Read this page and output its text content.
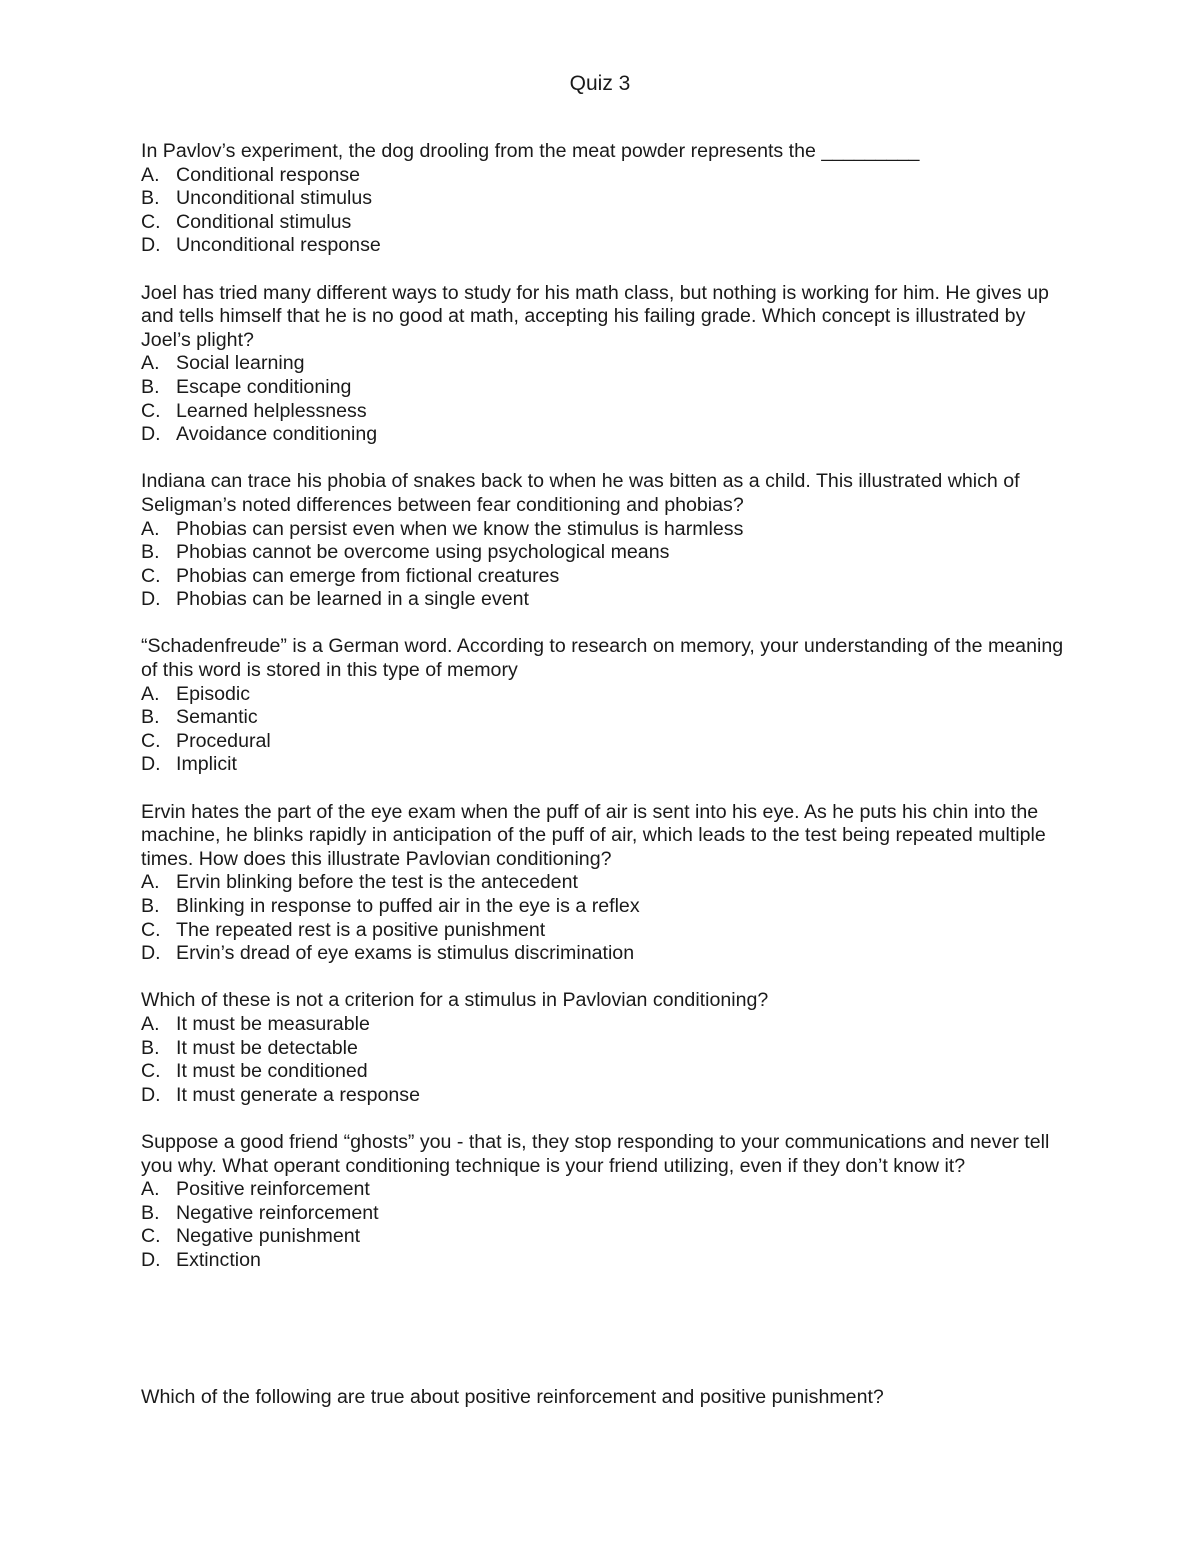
Quiz 3

In Pavlov’s experiment, the dog drooling from the meat powder represents the _________

A. Conditional response
B. Unconditional stimulus
C. Conditional stimulus
D. Unconditional response

Joel has tried many different ways to study for his math class, but nothing is working for him. He gives up and tells himself that he is no good at math, accepting his failing grade. Which concept is illustrated by Joel’s plight?

A. Social learning
B. Escape conditioning
C. Learned helplessness
D. Avoidance conditioning

Indiana can trace his phobia of snakes back to when he was bitten as a child. This illustrated which of Seligman’s noted differences between fear conditioning and phobias?

A. Phobias can persist even when we know the stimulus is harmless
B. Phobias cannot be overcome using psychological means
C. Phobias can emerge from fictional creatures
D. Phobias can be learned in a single event

“Schadenfreude” is a German word. According to research on memory, your understanding of the meaning of this word is stored in this type of memory

A. Episodic
B. Semantic
C. Procedural
D. Implicit

Ervin hates the part of the eye exam when the puff of air is sent into his eye. As he puts his chin into the machine, he blinks rapidly in anticipation of the puff of air, which leads to the test being repeated multiple times. How does this illustrate Pavlovian conditioning?

A. Ervin blinking before the test is the antecedent
B. Blinking in response to puffed air in the eye is a reflex
C. The repeated rest is a positive punishment
D. Ervin’s dread of eye exams is stimulus discrimination

Which of these is not a criterion for a stimulus in Pavlovian conditioning?

A. It must be measurable
B. It must be detectable
C. It must be conditioned
D. It must generate a response

Suppose a good friend “ghosts” you - that is, they stop responding to your communications and never tell you why. What operant conditioning technique is your friend utilizing, even if they don’t know it?

A. Positive reinforcement
B. Negative reinforcement
C. Negative punishment
D. Extinction

Which of the following are true about positive reinforcement and positive punishment?
